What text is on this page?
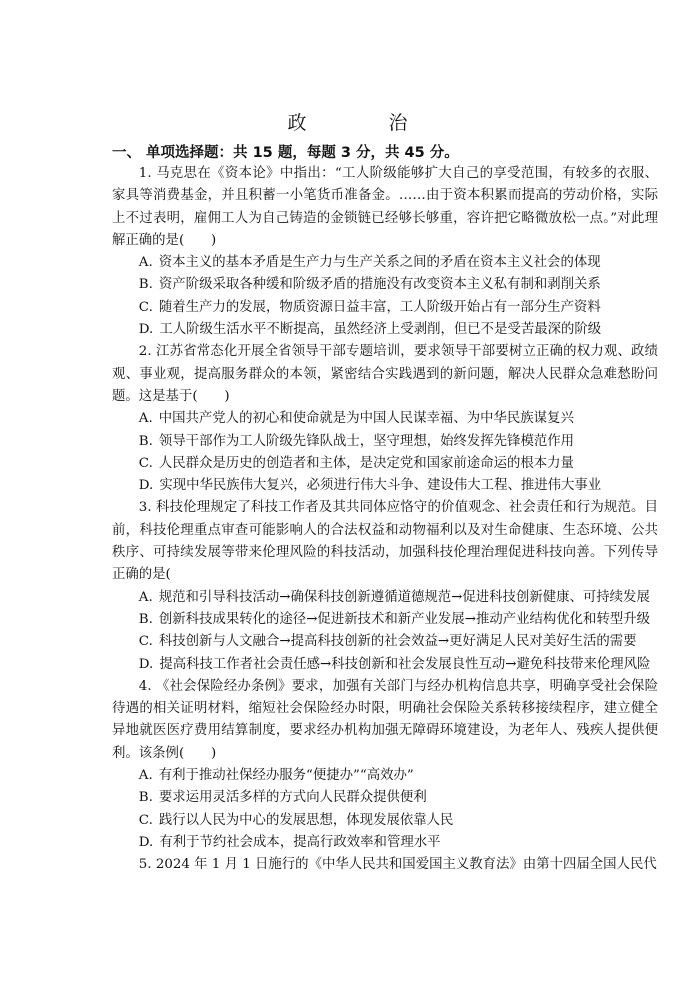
政 治
一、 单项选择题：共 15 题，每题 3 分，共 45 分。

1. 马克思在《资本论》中指出：“工人阶级能够扩大自己的享受范围，有较多的衣服、家具等消费基金，并且积蓄一小笔货币准备金。……由于资本积累而提高的劳动价格，实际上不过表明，雇佣工人为自己铸造的金锁链已经够长够重，容许把它略微放松一点。”对此理解正确的是(　　)

A. 资本主义的基本矛盾是生产力与生产关系之间的矛盾在资本主义社会的体现

B. 资产阶级采取各种缓和阶级矛盾的措施没有改变资本主义私有制和剥削关系

C. 随着生产力的发展，物质资源日益丰富，工人阶级开始占有一部分生产资料

D. 工人阶级生活水平不断提高，虽然经济上受剥削，但已不是受苦最深的阶级

2. 江苏省常态化开展全省领导干部专题培训，要求领导干部要树立正确的权力观、政绩观、事业观，提高服务群众的本领，紧密结合实践遇到的新问题，解决人民群众急难愁盼问题。这是基于(　　)

A. 中国共产党人的初心和使命就是为中国人民谋幸福、为中华民族谋复兴

B. 领导干部作为工人阶级先锋队战士，坚守理想，始终发挥先锋模范作用

C. 人民群众是历史的创造者和主体，是决定党和国家前途命运的根本力量

D. 实现中华民族伟大复兴，必须进行伟大斗争、建设伟大工程、推进伟大事业

3. 科技伦理规定了科技工作者及其共同体应恪守的价值观念、社会责任和行为规范。目前，科技伦理重点审查可能影响人的合法权益和动物福利以及对生命健康、生态环境、公共秩序、可持续发展等带来伦理风险的科技活动，加强科技伦理治理促进科技向善。下列传导正确的是(

A. 规范和引导科技活动→确保科技创新遵循道德规范→促进科技创新健康、可持续发展

B. 创新科技成果转化的途径→促进新技术和新产业发展→推动产业结构优化和转型升级

C. 科技创新与人文融合→提高科技创新的社会效益→更好满足人民对美好生活的需要

D. 提高科技工作者社会责任感→科技创新和社会发展良性互动→避免科技带来伦理风险

4. 《社会保险经办条例》要求，加强有关部门与经办机构信息共享，明确享受社会保险待遇的相关证明材料，缩短社会保险经办时限，明确社会保险关系转移接续程序，建立健全异地就医医疗费用结算制度，要求经办机构加强无障碍环境建设，为老年人、残疾人提供便利。该条例(　　)

A. 有利于推动社保经办服务“便捷办”“高效办”

B. 要求运用灵活多样的方式向人民群众提供便利

C. 践行以人民为中心的发展思想，体现发展依靠人民

D. 有利于节约社会成本，提高行政效率和管理水平

5. 2024 年 1 月 1 日施行的《中华人民共和国爱国主义教育法》由第十四届全国人民代
